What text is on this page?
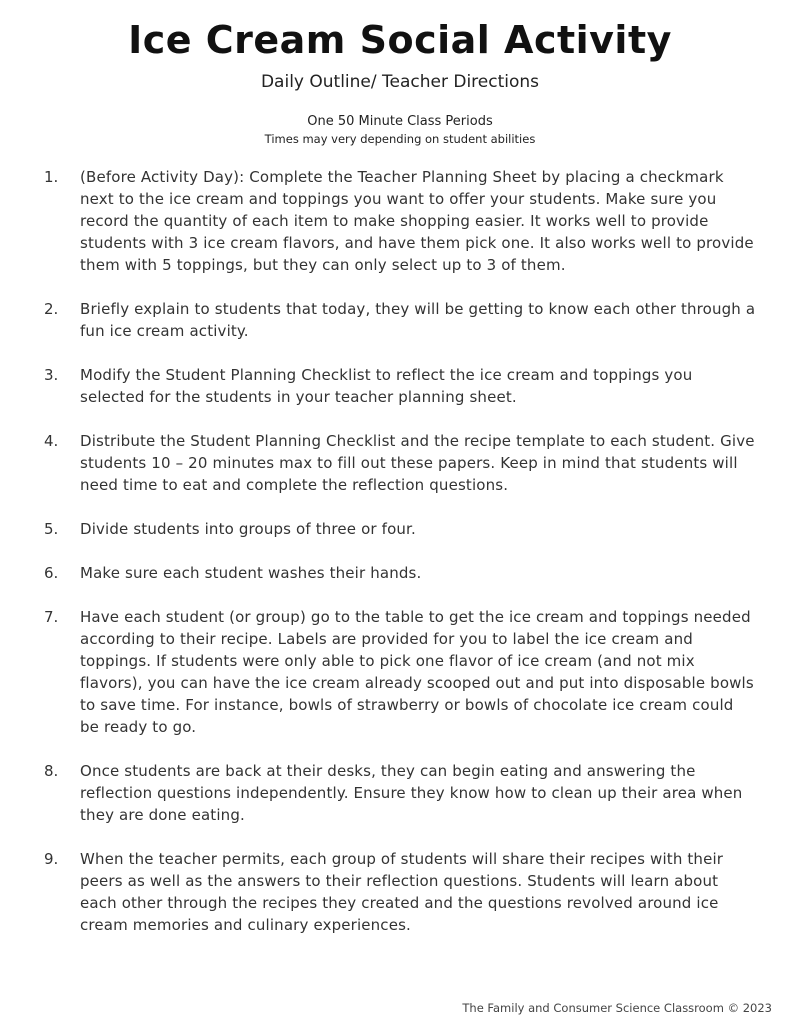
Ice Cream Social Activity
Daily Outline/ Teacher Directions
One 50 Minute Class Periods
Times may very depending on student abilities
1. (Before Activity Day): Complete the Teacher Planning Sheet by placing a checkmark next to the ice cream and toppings you want to offer your students. Make sure you record the quantity of each item to make shopping easier. It works well to provide students with 3 ice cream flavors, and have them pick one. It also works well to provide them with 5 toppings, but they can only select up to 3 of them.
2. Briefly explain to students that today, they will be getting to know each other through a fun ice cream activity.
3. Modify the Student Planning Checklist to reflect the ice cream and toppings you selected for the students in your teacher planning sheet.
4. Distribute the Student Planning Checklist and the recipe template to each student. Give students 10 – 20 minutes max to fill out these papers. Keep in mind that students will need time to eat and complete the reflection questions.
5. Divide students into groups of three or four.
6. Make sure each student washes their hands.
7. Have each student (or group) go to the table to get the ice cream and toppings needed according to their recipe. Labels are provided for you to label the ice cream and toppings. If students were only able to pick one flavor of ice cream (and not mix flavors), you can have the ice cream already scooped out and put into disposable bowls to save time. For instance, bowls of strawberry or bowls of chocolate ice cream could be ready to go.
8. Once students are back at their desks, they can begin eating and answering the reflection questions independently. Ensure they know how to clean up their area when they are done eating.
9. When the teacher permits, each group of students will share their recipes with their peers as well as the answers to their reflection questions. Students will learn about each other through the recipes they created and the questions revolved around ice cream memories and culinary experiences.
The Family and Consumer Science Classroom © 2023
